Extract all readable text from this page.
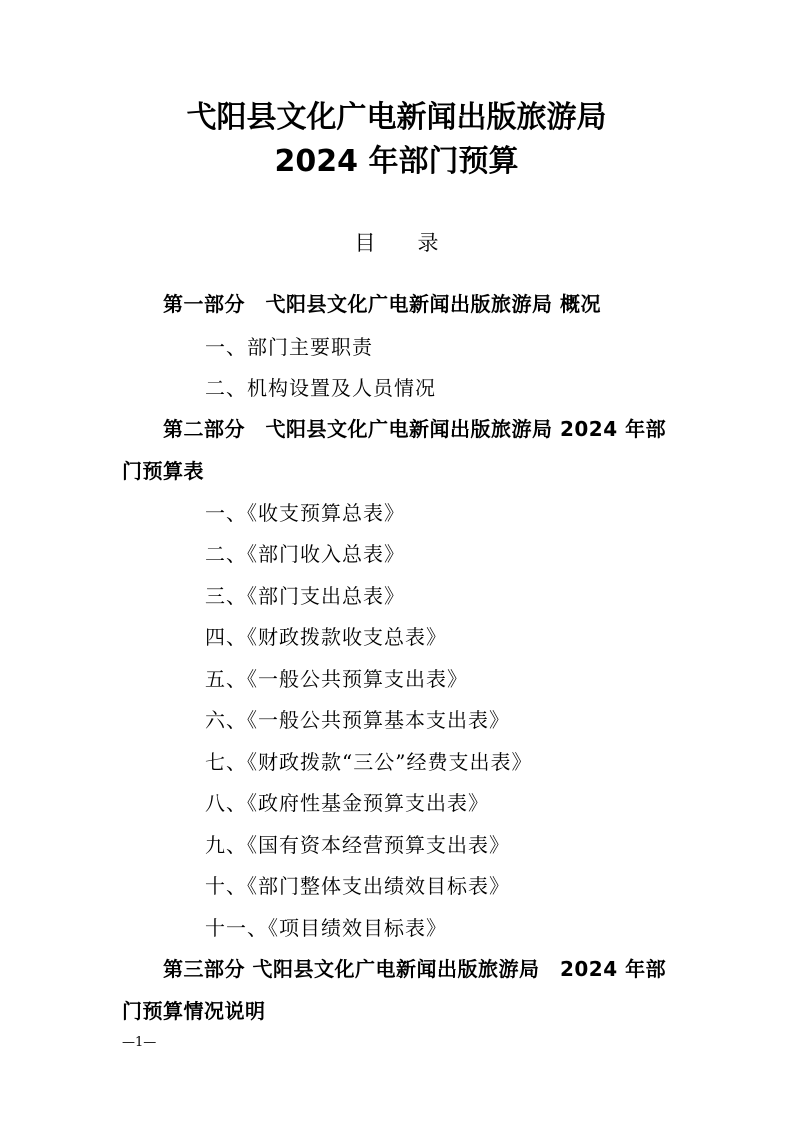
弋阳县文化广电新闻出版旅游局
2024 年部门预算
目 录

第一部分　弋阳县文化广电新闻出版旅游局 概况

一、部门主要职责

二、机构设置及人员情况

第二部分　弋阳县文化广电新闻出版旅游局 2024 年部

门预算表

一、《收支预算总表》

二、《部门收入总表》

三、《部门支出总表》

四、《财政拨款收支总表》

五、《一般公共预算支出表》

六、《一般公共预算基本支出表》

七、《财政拨款“三公”经费支出表》

八、《政府性基金预算支出表》

九、《国有资本经营预算支出表》

十、《部门整体支出绩效目标表》

十一、《项目绩效目标表》

第三部分 弋阳县文化广电新闻出版旅游局　2024 年部

门预算情况说明

—1—
